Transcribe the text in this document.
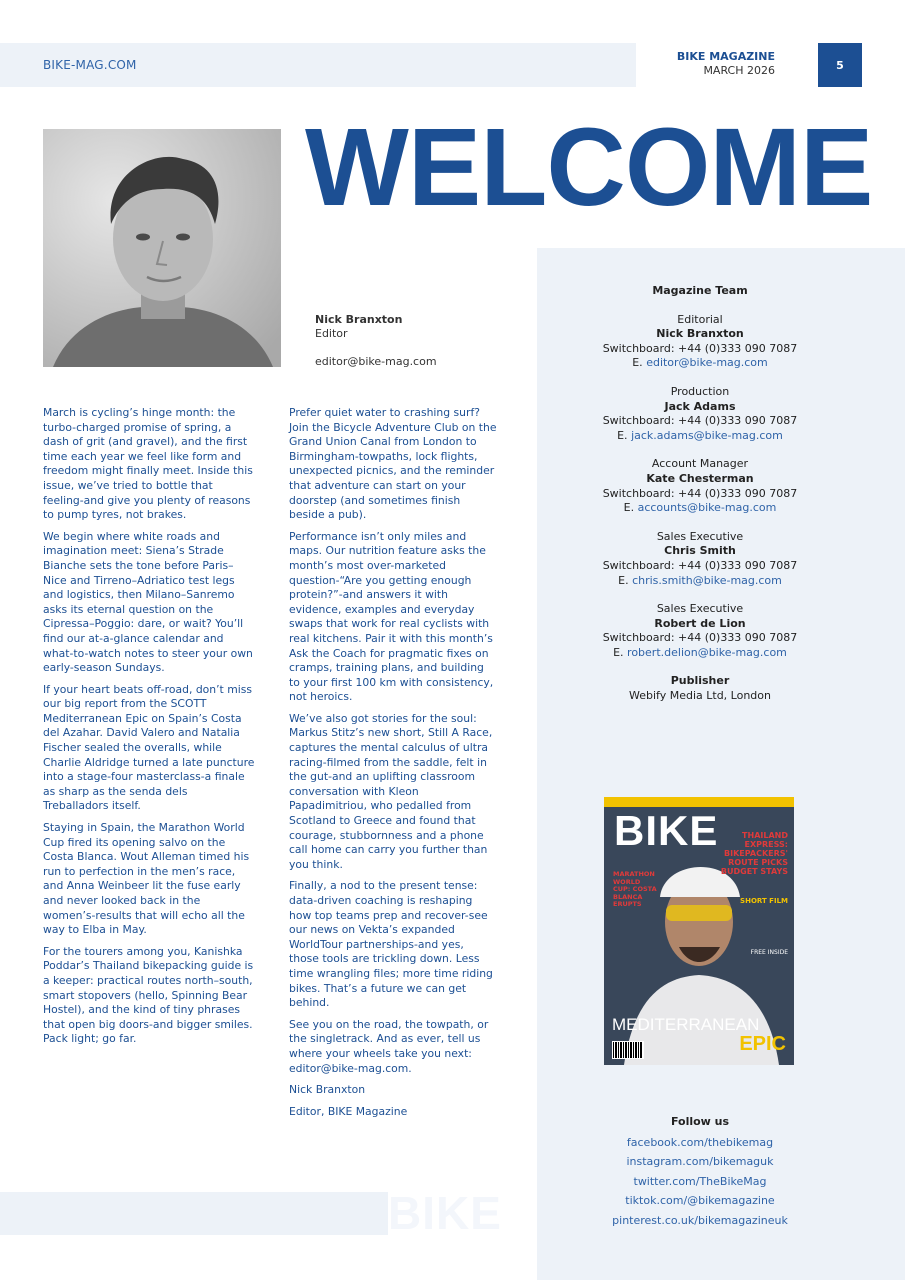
BIKE-MAG.COM
BIKE MAGAZINE
MARCH 2026	5
WELCOME
Nick Branxton
Editor
editor@bike-mag.com

March is cycling’s hinge month: the turbo-charged promise of spring, a dash of grit (and gravel), and the first time each year we feel like form and freedom might finally meet. Inside this issue, we’ve tried to bottle that feeling-and give you plenty of reasons to pump tyres, not brakes.

We begin where white roads and imagination meet: Siena’s Strade Bianche sets the tone before Paris–Nice and Tirreno–Adriatico test legs and logistics, then Milano–Sanremo asks its eternal question on the Cipressa–Poggio: dare, or wait? You’ll find our at-a-glance calendar and what-to-watch notes to steer your own early-season Sundays.

If your heart beats off-road, don’t miss our big report from the SCOTT Mediterranean Epic on Spain’s Costa del Azahar. David Valero and Natalia Fischer sealed the overalls, while Charlie Aldridge turned a late puncture into a stage-four masterclass-a finale as sharp as the senda dels Treballadors itself.

Staying in Spain, the Marathon World Cup fired its opening salvo on the Costa Blanca. Wout Alleman timed his run to perfection in the men’s race, and Anna Weinbeer lit the fuse early and never looked back in the women’s-results that will echo all the way to Elba in May.

For the tourers among you, Kanishka Poddar’s Thailand bikepacking guide is a keeper: practical routes north–south, smart stopovers (hello, Spinning Bear Hostel), and the kind of tiny phrases that open big doors-and bigger smiles. Pack light; go far.

Prefer quiet water to crashing surf? Join the Bicycle Adventure Club on the Grand Union Canal from London to Birmingham-towpaths, lock flights, unexpected picnics, and the reminder that adventure can start on your doorstep (and sometimes finish beside a pub).

Performance isn’t only miles and maps. Our nutrition feature asks the month’s most over-marketed question-“Are you getting enough protein?”-and answers it with evidence, examples and everyday swaps that work for real cyclists with real kitchens. Pair it with this month’s Ask the Coach for pragmatic fixes on cramps, training plans, and building to your first 100 km with consistency, not heroics.

We’ve also got stories for the soul: Markus Stitz’s new short, Still A Race, captures the mental calculus of ultra racing-filmed from the saddle, felt in the gut-and an uplifting classroom conversation with Kleon Papadimitriou, who pedalled from Scotland to Greece and found that courage, stubbornness and a phone call home can carry you further than you think.

Finally, a nod to the present tense: data-driven coaching is reshaping how top teams prep and recover-see our news on Vekta’s expanded WorldTour partnerships-and yes, those tools are trickling down. Less time wrangling files; more time riding bikes. That’s a future we can get behind.

See you on the road, the towpath, or the singletrack. And as ever, tell us where your wheels take you next: editor@bike-mag.com.

Nick Branxton

Editor, BIKE Magazine

Magazine Team
Editorial
Nick Branxton
Switchboard: +44 (0)333 090 7087
E. editor@bike-mag.com
Production
Jack Adams
Switchboard: +44 (0)333 090 7087
E. jack.adams@bike-mag.com
Account Manager
Kate Chesterman
Switchboard: +44 (0)333 090 7087
E. accounts@bike-mag.com
Sales Executive
Chris Smith
Switchboard: +44 (0)333 090 7087
E. chris.smith@bike-mag.com
Sales Executive
Robert de Lion
Switchboard: +44 (0)333 090 7087
E. robert.delion@bike-mag.com
Publisher
Webify Media Ltd, London
BIKE	THAILAND EXPRESS: BIKEPACKERS' ROUTE PICKS BUDGET STAYS
MARATHON WORLD CUP: COSTA BLANCA ERUPTS	SHORT FILM
FREE INSIDE
MEDITERRANEAN
EPIC
Follow us
facebook.com/thebikemag
instagram.com/bikemaguk
twitter.com/TheBikeMag
tiktok.com/@bikemagazine
pinterest.co.uk/bikemagazineuk
BIKE
